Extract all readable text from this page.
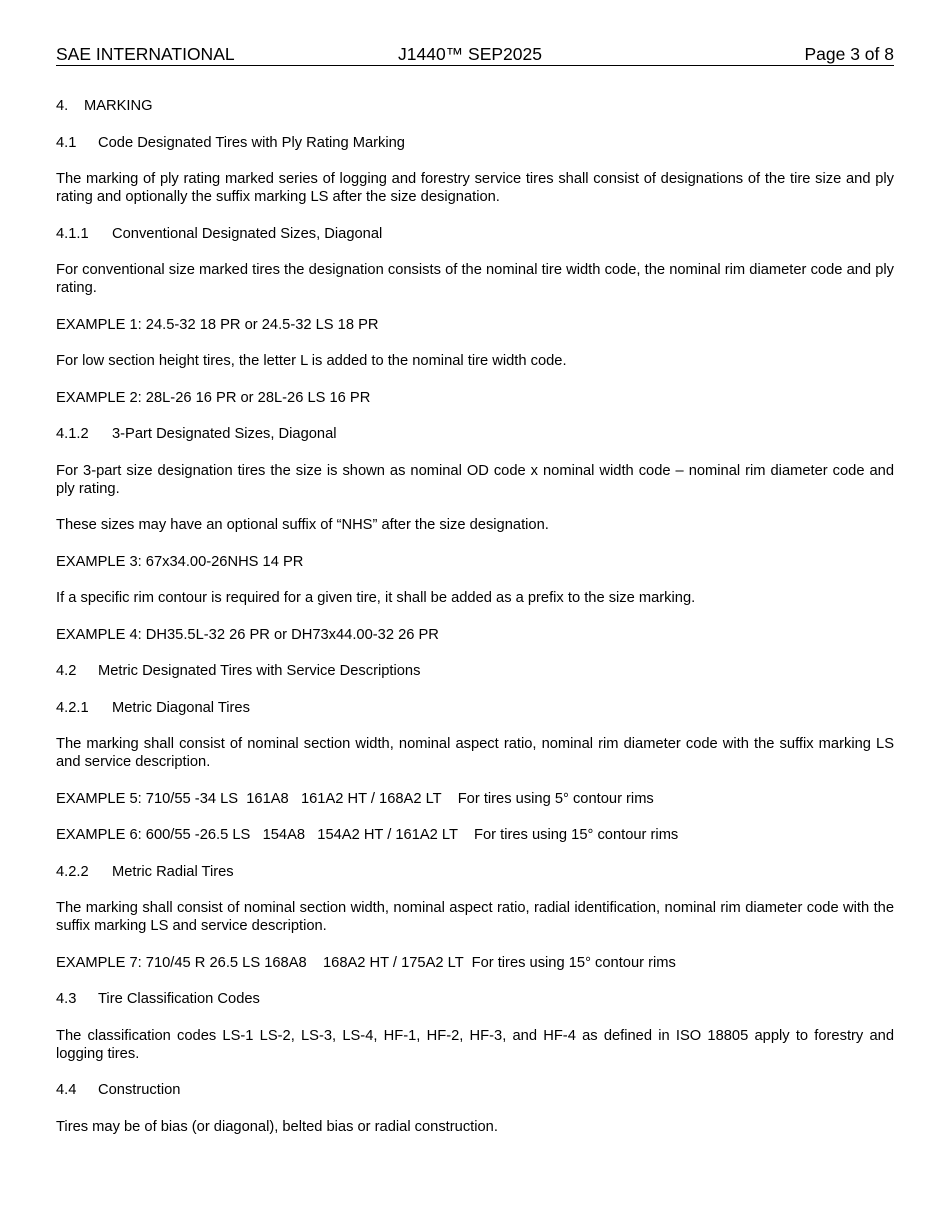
SAE INTERNATIONAL	J1440™ SEP2025	Page 3 of 8

4. MARKING

4.1 Code Designated Tires with Ply Rating Marking

The marking of ply rating marked series of logging and forestry service tires shall consist of designations of the tire size and ply rating and optionally the suffix marking LS after the size designation.

4.1.1 Conventional Designated Sizes, Diagonal

For conventional size marked tires the designation consists of the nominal tire width code, the nominal rim diameter code and ply rating.

EXAMPLE 1: 24.5-32 18 PR or 24.5-32 LS 18 PR

For low section height tires, the letter L is added to the nominal tire width code.

EXAMPLE 2: 28L-26 16 PR or 28L-26 LS 16 PR

4.1.2 3-Part Designated Sizes, Diagonal

For 3-part size designation tires the size is shown as nominal OD code x nominal width code – nominal rim diameter code and ply rating.

These sizes may have an optional suffix of “NHS” after the size designation.

EXAMPLE 3: 67x34.00-26NHS 14 PR

If a specific rim contour is required for a given tire, it shall be added as a prefix to the size marking.

EXAMPLE 4: DH35.5L-32 26 PR or DH73x44.00-32 26 PR

4.2 Metric Designated Tires with Service Descriptions

4.2.1 Metric Diagonal Tires

The marking shall consist of nominal section width, nominal aspect ratio, nominal rim diameter code with the suffix marking LS and service description.

EXAMPLE 5: 710/55 -34 LS  161A8   161A2 HT / 168A2 LT    For tires using 5° contour rims

EXAMPLE 6: 600/55 -26.5 LS   154A8   154A2 HT / 161A2 LT    For tires using 15° contour rims

4.2.2 Metric Radial Tires

The marking shall consist of nominal section width, nominal aspect ratio, radial identification, nominal rim diameter code with the suffix marking LS and service description.

EXAMPLE 7: 710/45 R 26.5 LS 168A8    168A2 HT / 175A2 LT  For tires using 15° contour rims

4.3 Tire Classification Codes

The classification codes LS-1 LS-2, LS-3, LS-4, HF-1, HF-2, HF-3, and HF-4 as defined in ISO 18805 apply to forestry and logging tires.

4.4 Construction

Tires may be of bias (or diagonal), belted bias or radial construction.
